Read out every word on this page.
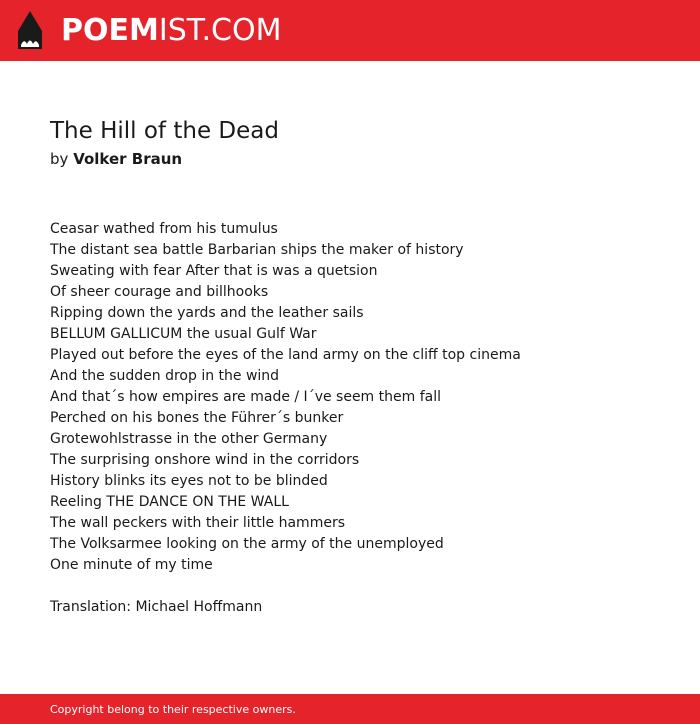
POEMIST.COM
The Hill of the Dead
by Volker Braun
Ceasar wathed from his tumulus
The distant sea battle Barbarian ships the maker of history
Sweating with fear After that is was a quetsion
Of sheer courage and billhooks
Ripping down the yards and the leather sails
BELLUM GALLICUM the usual Gulf War
Played out before the eyes of the land army on the cliff top cinema
And the sudden drop in the wind
And that´s how empires are made / I´ve seem them fall
Perched on his bones the Führer´s bunker
Grotewohlstrasse in the other Germany
The surprising onshore wind in the corridors
History blinks its eyes not to be blinded
Reeling THE DANCE ON THE WALL
The wall peckers with their little hammers
The Volksarmee looking on the army of the unemployed
One minute of my time
Translation: Michael Hoffmann
Copyright belong to their respective owners.
